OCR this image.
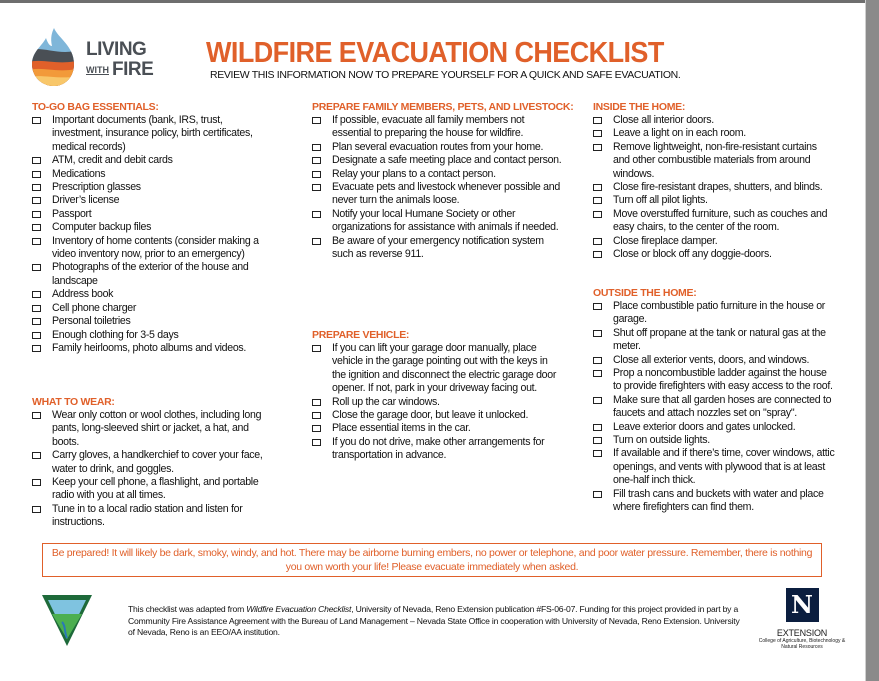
LIVING
WITH FIRE
WILDFIRE EVACUATION CHECKLIST
REVIEW THIS INFORMATION NOW TO PREPARE YOURSELF FOR A QUICK AND SAFE EVACUATION.
TO-GO BAG ESSENTIALS:
Important documents (bank, IRS, trust, investment, insurance policy, birth certificates, medical records)
ATM, credit and debit cards
Medications
Prescription glasses
Driver’s license
Passport
Computer backup files
Inventory of home contents (consider making a video inventory now, prior to an emergency)
Photographs of the exterior of the house and landscape
Address book
Cell phone charger
Personal toiletries
Enough clothing for 3-5 days
Family heirlooms, photo albums and videos.
WHAT TO WEAR:
Wear only cotton or wool clothes, including long pants, long-sleeved shirt or jacket, a hat, and boots.
Carry gloves, a handkerchief to cover your face, water to drink, and goggles.
Keep your cell phone, a flashlight, and portable radio with you at all times.
Tune in to a local radio station and listen for instructions.
PREPARE FAMILY MEMBERS, PETS, AND LIVESTOCK:
If possible, evacuate all family members not essential to preparing the house for wildfire.
Plan several evacuation routes from your home.
Designate a safe meeting place and contact person.
Relay your plans to a contact person.
Evacuate pets and livestock whenever possible and never turn the animals loose.
Notify your local Humane Society or other organizations for assistance with animals if needed.
Be aware of your emergency notification system such as reverse 911.
PREPARE VEHICLE:
If you can lift your garage door manually, place vehicle in the garage pointing out with the keys in the ignition and disconnect the electric garage door opener. If not, park in your driveway facing out.
Roll up the car windows.
Close the garage door, but leave it unlocked.
Place essential items in the car.
If you do not drive, make other arrangements for transportation in advance.
INSIDE THE HOME:
Close all interior doors.
Leave a light on in each room.
Remove lightweight, non-fire-resistant curtains and other combustible materials from around windows.
Close fire-resistant drapes, shutters, and blinds.
Turn off all pilot lights.
Move overstuffed furniture, such as couches and easy chairs, to the center of the room.
Close fireplace damper.
Close or block off any doggie-doors.
OUTSIDE THE HOME:
Place combustible patio furniture in the house or garage.
Shut off propane at the tank or natural gas at the meter.
Close all exterior vents, doors, and windows.
Prop a noncombustible ladder against the house to provide firefighters with easy access to the roof.
Make sure that all garden hoses are connected to faucets and attach nozzles set on "spray".
Leave exterior doors and gates unlocked.
Turn on outside lights.
If available and if there’s time, cover windows, attic openings, and vents with plywood that is at least one-half inch thick.
Fill trash cans and buckets with water and place where firefighters can find them.
Be prepared! It will likely be dark, smoky, windy, and hot. There may be airborne burning embers, no power or telephone, and poor water pressure. Remember, there is nothing you own worth your life! Please evacuate immediately when asked.
This checklist was adapted from Wildfire Evacuation Checklist, University of Nevada, Reno Extension publication #FS-06-07. Funding for this project provided in part by a Community Fire Assistance Agreement with the Bureau of Land Management – Nevada State Office in cooperation with University of Nevada, Reno Extension. University of Nevada, Reno is an EEO/AA institution.
N
EXTENSION
College of Agriculture, Biotechnology & Natural Resources
